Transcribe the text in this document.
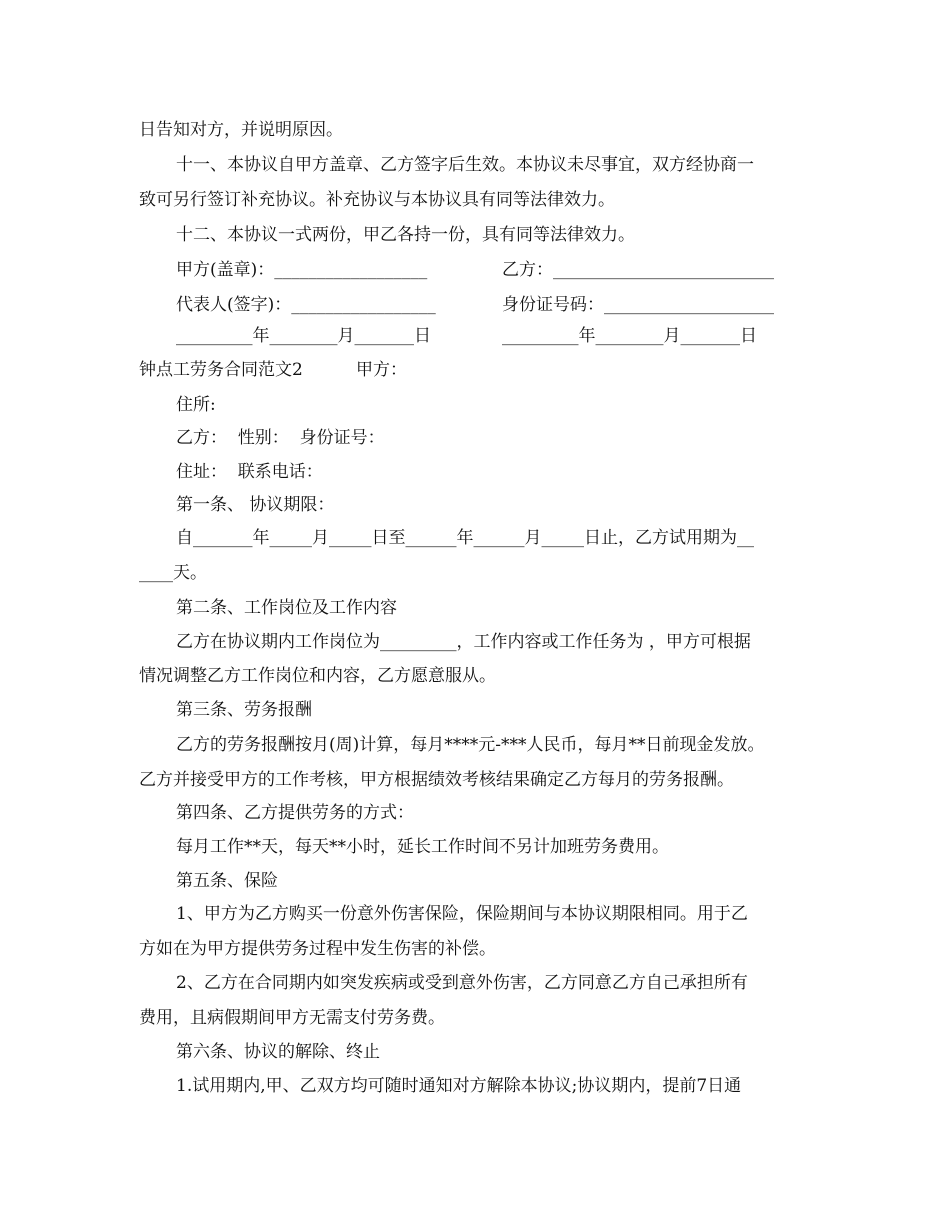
日告知对方，并说明原因。
十一、本协议自甲方盖章、乙方签字后生效。本协议未尽事宜，双方经协商一
致可另行签订补充协议。补充协议与本协议具有同等法律效力。
十二、本协议一式两份，甲乙各持一份，具有同等法律效力。
甲方(盖章)：__________________	乙方：__________________________
代表人(签字)：_________________	身份证号码：____________________
_________年________月_______日	_________年________月_______日
钟点工劳务合同范文2	甲方：
住所:
乙方：  性别：  身份证号：
住址：  联系电话：
第一条、 协议期限：
自_______年_____月_____日至______年______月_____日止，乙方试用期为__
____天。
第二条、工作岗位及工作内容
乙方在协议期内工作岗位为_________，工作内容或工作任务为 ，甲方可根据
情况调整乙方工作岗位和内容，乙方愿意服从。
第三条、劳务报酬
乙方的劳务报酬按月(周)计算，每月****元-***人民币，每月**日前现金发放。
乙方并接受甲方的工作考核，甲方根据绩效考核结果确定乙方每月的劳务报酬。
第四条、乙方提供劳务的方式：
每月工作**天，每天**小时，延长工作时间不另计加班劳务费用。
第五条、保险
1、甲方为乙方购买一份意外伤害保险，保险期间与本协议期限相同。用于乙
方如在为甲方提供劳务过程中发生伤害的补偿。
2、乙方在合同期内如突发疾病或受到意外伤害，乙方同意乙方自己承担所有
费用，且病假期间甲方无需支付劳务费。
第六条、协议的解除、终止
1.试用期内,甲、乙双方均可随时通知对方解除本协议;协议期内，提前7日通
